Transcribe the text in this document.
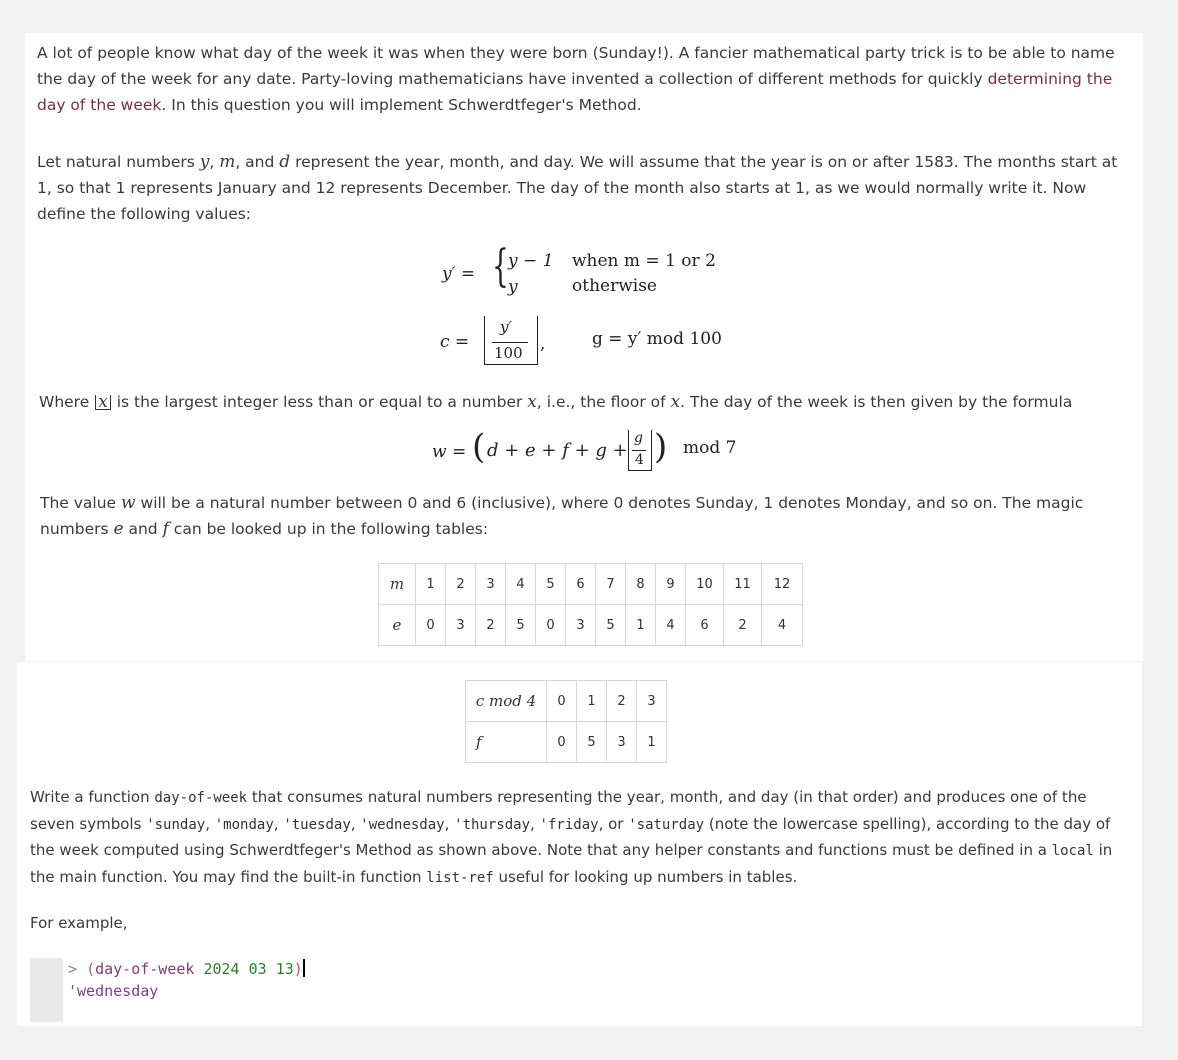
A lot of people know what day of the week it was when they were born (Sunday!). A fancier mathematical party trick is to be able to name the day of the week for any date. Party-loving mathematicians have invented a collection of different methods for quickly determining the day of the week. In this question you will implement Schwerdtfeger's Method.

Let natural numbers y, m, and d represent the year, month, and day. We will assume that the year is on or after 1583. The months start at 1, so that 1 represents January and 12 represents December. The day of the month also starts at 1, as we would normally write it. Now define the following values:

y′ = { y − 1
y
when m = 1 or 2
otherwise
c =
y′
100 ,	g = y′ mod 100

Where x is the largest integer less than or equal to a number x, i.e., the floor of x. The day of the week is then given by the formula

w = ( d + e + f + g +
g
4 ) mod 7

The value w will be a natural number between 0 and 6 (inclusive), where 0 denotes Sunday, 1 denotes Monday, and so on. The magic numbers e and f can be looked up in the following tables:

m	1	2	3	4	5	6	7	8	9	10	11	12
e	0	3	2	5	0	3	5	1	4	6	2	4
c mod 4	0	1	2	3
f	0	5	3	1

Write a function day-of-week that consumes natural numbers representing the year, month, and day (in that order) and produces one of the seven symbols 'sunday, 'monday, 'tuesday, 'wednesday, 'thursday, 'friday, or 'saturday (note the lowercase spelling), according to the day of the week computed using Schwerdtfeger's Method as shown above. Note that any helper constants and functions must be defined in a local in the main function. You may find the built-in function list-ref useful for looking up numbers in tables.

For example,

> (day-of-week 2024 03 13)
'wednesday
